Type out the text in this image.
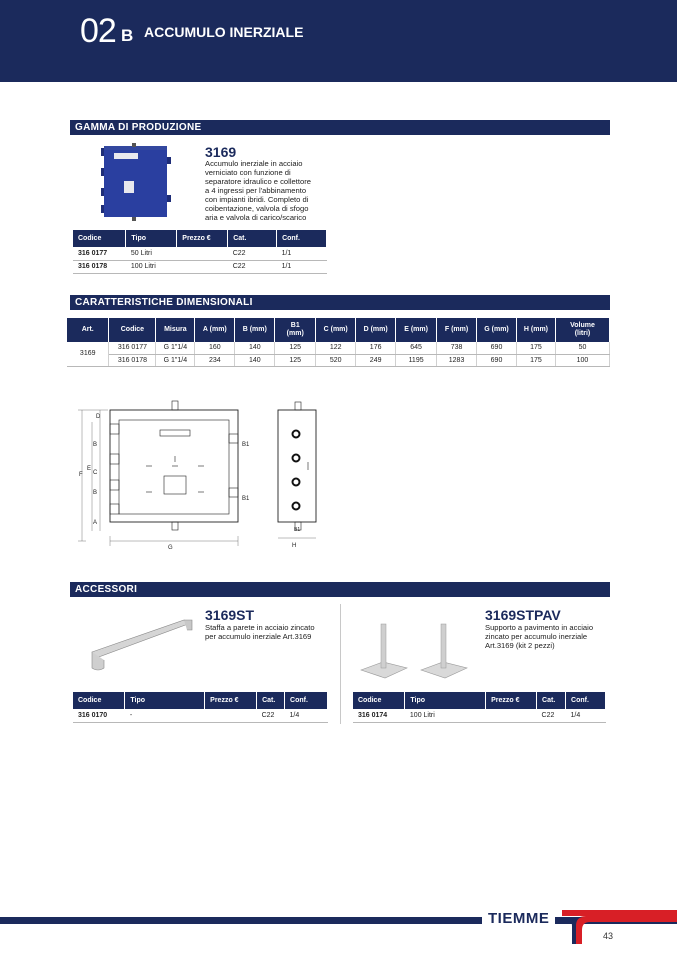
02 B ACCUMULO INERZIALE
GAMMA DI PRODUZIONE
3169
Accumulo inerziale in acciaio
verniciato con funzione di
separatore idraulico e collettore
a 4 ingressi per l'abbinamento
con impianti ibridi. Completo di
coibentazione, valvola di sfogo
aria e valvola di carico/scarico
Codice	Tipo	Prezzo €	Cat.	Conf.
316 0177	50 Litri		C22	1/1
316 0178	100 Litri		C22	1/1
CARATTERISTICHE DIMENSIONALI
Art.	Codice	Misura	A (mm)	B (mm)	B1
(mm)	C (mm)	D (mm)	E (mm)	F (mm)	G (mm)	H (mm)	Volume
(litri)
3169	316 0177	G 1"1/4	160	140	125	122	176	645	738	690	175	50
	316 0178	G 1"1/4	234	140	125	520	249	1195	1283	690	175	100
D
B
C
E
F
B
A
G
B1
B1
H
B1
ACCESSORI
3169ST
Staffa a parete in acciaio zincato
per accumulo inerziale Art.3169
3169STPAV
Supporto a pavimento in acciaio
zincato per accumulo inerziale
Art.3169 (kit 2 pezzi)
Codice	Tipo	Prezzo €	Cat.	Conf.
316 0170	-		C22	1/4
Codice	Tipo	Prezzo €	Cat.	Conf.
316 0174	100 Litri		C22	1/4
TIEMME
43
